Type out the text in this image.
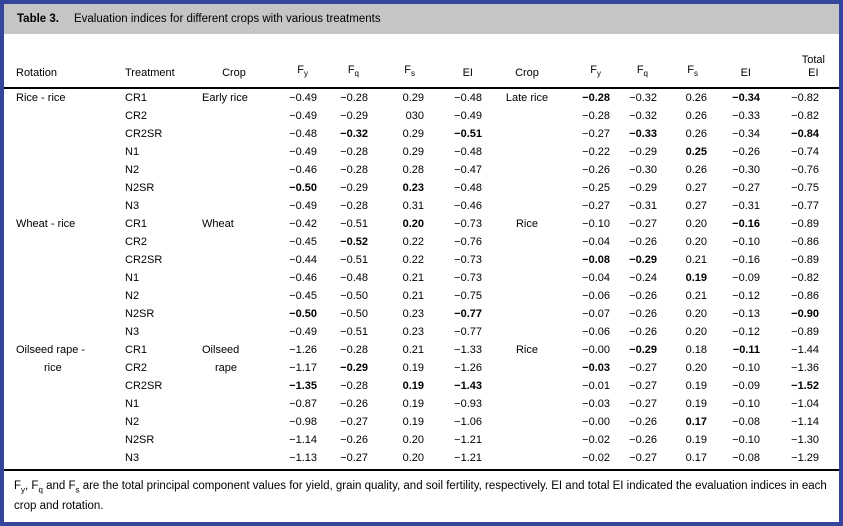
Table 3. Evaluation indices for different crops with various treatments
Rotation	Treatment	Crop	$F_y$	$F_q$	$F_s$	EI	Crop	$F_y$	$F_q$	$F_s$	EI	Total
EI

Rice - rice	CR1	Early rice	−0.49	−0.28	0.29	−0.48	Late rice	−0.28	−0.32	0.26	−0.34	−0.82
	CR2		−0.49	−0.29	030	−0.49		−0.28	−0.32	0.26	−0.33	−0.82
	CR2SR		−0.48	−0.32	0.29	−0.51		−0.27	−0.33	0.26	−0.34	−0.84
	N1		−0.49	−0.28	0.29	−0.48		−0.22	−0.29	0.25	−0.26	−0.74
	N2		−0.46	−0.28	0.28	−0.47		−0.26	−0.30	0.26	−0.30	−0.76
	N2SR		−0.50	−0.29	0.23	−0.48		−0.25	−0.29	0.27	−0.27	−0.75
	N3		−0.49	−0.28	0.31	−0.46		−0.27	−0.31	0.27	−0.31	−0.77
Wheat - rice	CR1	Wheat	−0.42	−0.51	0.20	−0.73	Rice	−0.10	−0.27	0.20	−0.16	−0.89
	CR2		−0.45	−0.52	0.22	−0.76		−0.04	−0.26	0.20	−0.10	−0.86
	CR2SR		−0.44	−0.51	0.22	−0.73		−0.08	−0.29	0.21	−0.16	−0.89
	N1		−0.46	−0.48	0.21	−0.73		−0.04	−0.24	0.19	−0.09	−0.82
	N2		−0.45	−0.50	0.21	−0.75		−0.06	−0.26	0.21	−0.12	−0.86
	N2SR		−0.50	−0.50	0.23	−0.77		−0.07	−0.26	0.20	−0.13	−0.90
	N3		−0.49	−0.51	0.23	−0.77		−0.06	−0.26	0.20	−0.12	−0.89
Oilseed rape -	CR1	Oilseed	−1.26	−0.28	0.21	−1.33	Rice	−0.00	−0.29	0.18	−0.11	−1.44
rice	CR2	rape	−1.17	−0.29	0.19	−1.26		−0.03	−0.27	0.20	−0.10	−1.36
	CR2SR		−1.35	−0.28	0.19	−1.43		−0.01	−0.27	0.19	−0.09	−1.52
	N1		−0.87	−0.26	0.19	−0.93		−0.03	−0.27	0.19	−0.10	−1.04
	N2		−0.98	−0.27	0.19	−1.06		−0.00	−0.26	0.17	−0.08	−1.14
	N2SR		−1.14	−0.26	0.20	−1.21		−0.02	−0.26	0.19	−0.10	−1.30
	N3		−1.13	−0.27	0.20	−1.21		−0.02	−0.27	0.17	−0.08	−1.29
$F_y$, $F_q$ and $F_s$ are the total principal component values for yield, grain quality, and soil fertility, respectively. EI and total EI indicated the evaluation indices in each crop and rotation.
